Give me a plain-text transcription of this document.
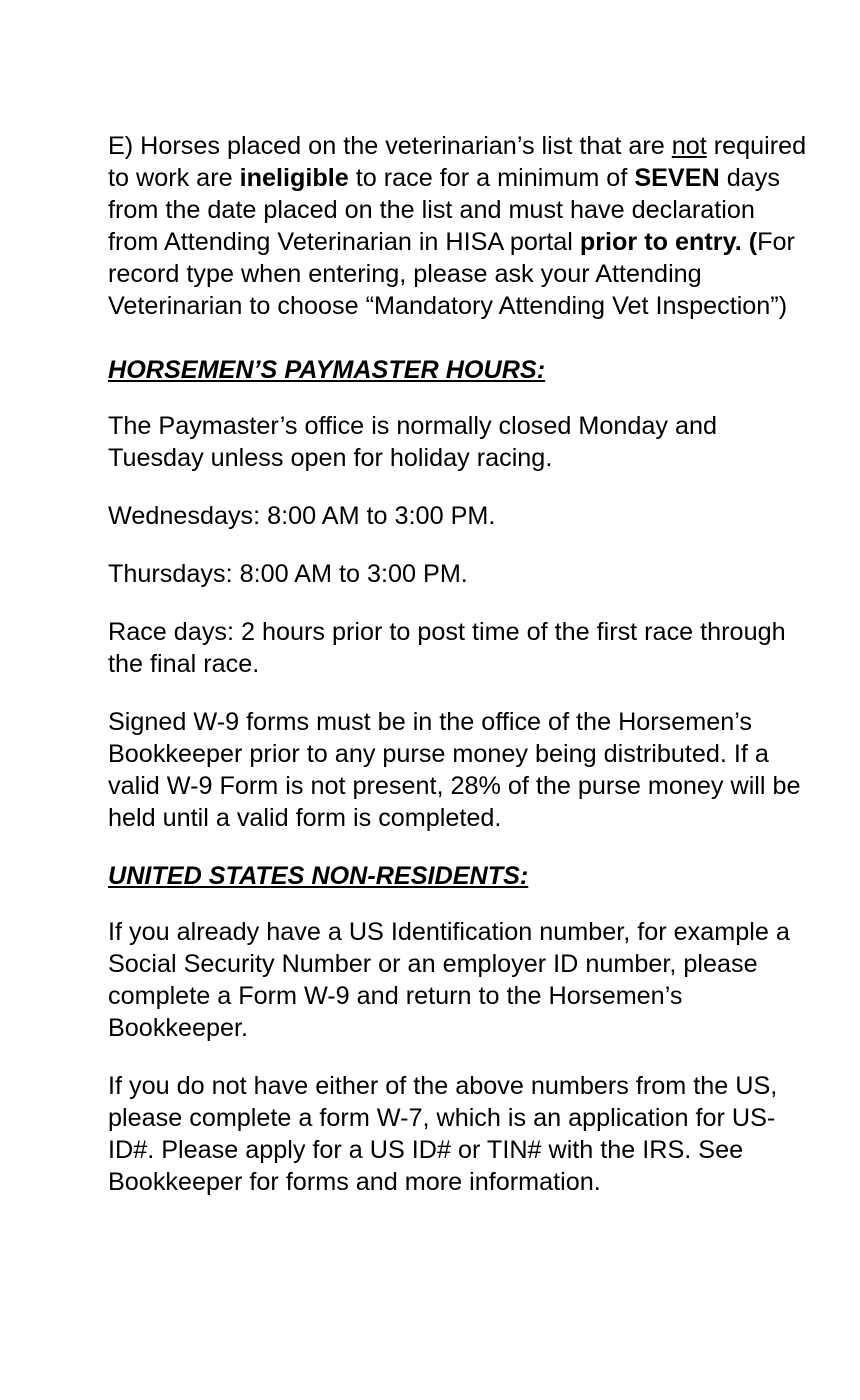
E) Horses placed on the veterinarian’s list that are not required to work are ineligible to race for a minimum of SEVEN days from the date placed on the list and must have declaration from Attending Veterinarian in HISA portal prior to entry. (For record type when entering, please ask your Attending Veterinarian to choose “Mandatory Attending Vet Inspection”)

HORSEMEN’S PAYMASTER HOURS:

The Paymaster’s office is normally closed Monday and Tuesday unless open for holiday racing.

Wednesdays: 8:00 AM to 3:00 PM.

Thursdays: 8:00 AM to 3:00 PM.

Race days: 2 hours prior to post time of the first race through the final race.

Signed W-9 forms must be in the office of the Horsemen’s Bookkeeper prior to any purse money being distributed. If a valid W-9 Form is not present, 28% of the purse money will be held until a valid form is completed.

UNITED STATES NON-RESIDENTS:

If you already have a US Identification number, for example a Social Security Number or an employer ID number, please complete a Form W-9 and return to the Horsemen’s Bookkeeper.

If you do not have either of the above numbers from the US, please complete a form W-7, which is an application for US-ID#. Please apply for a US ID# or TIN# with the IRS. See Bookkeeper for forms and more information.
